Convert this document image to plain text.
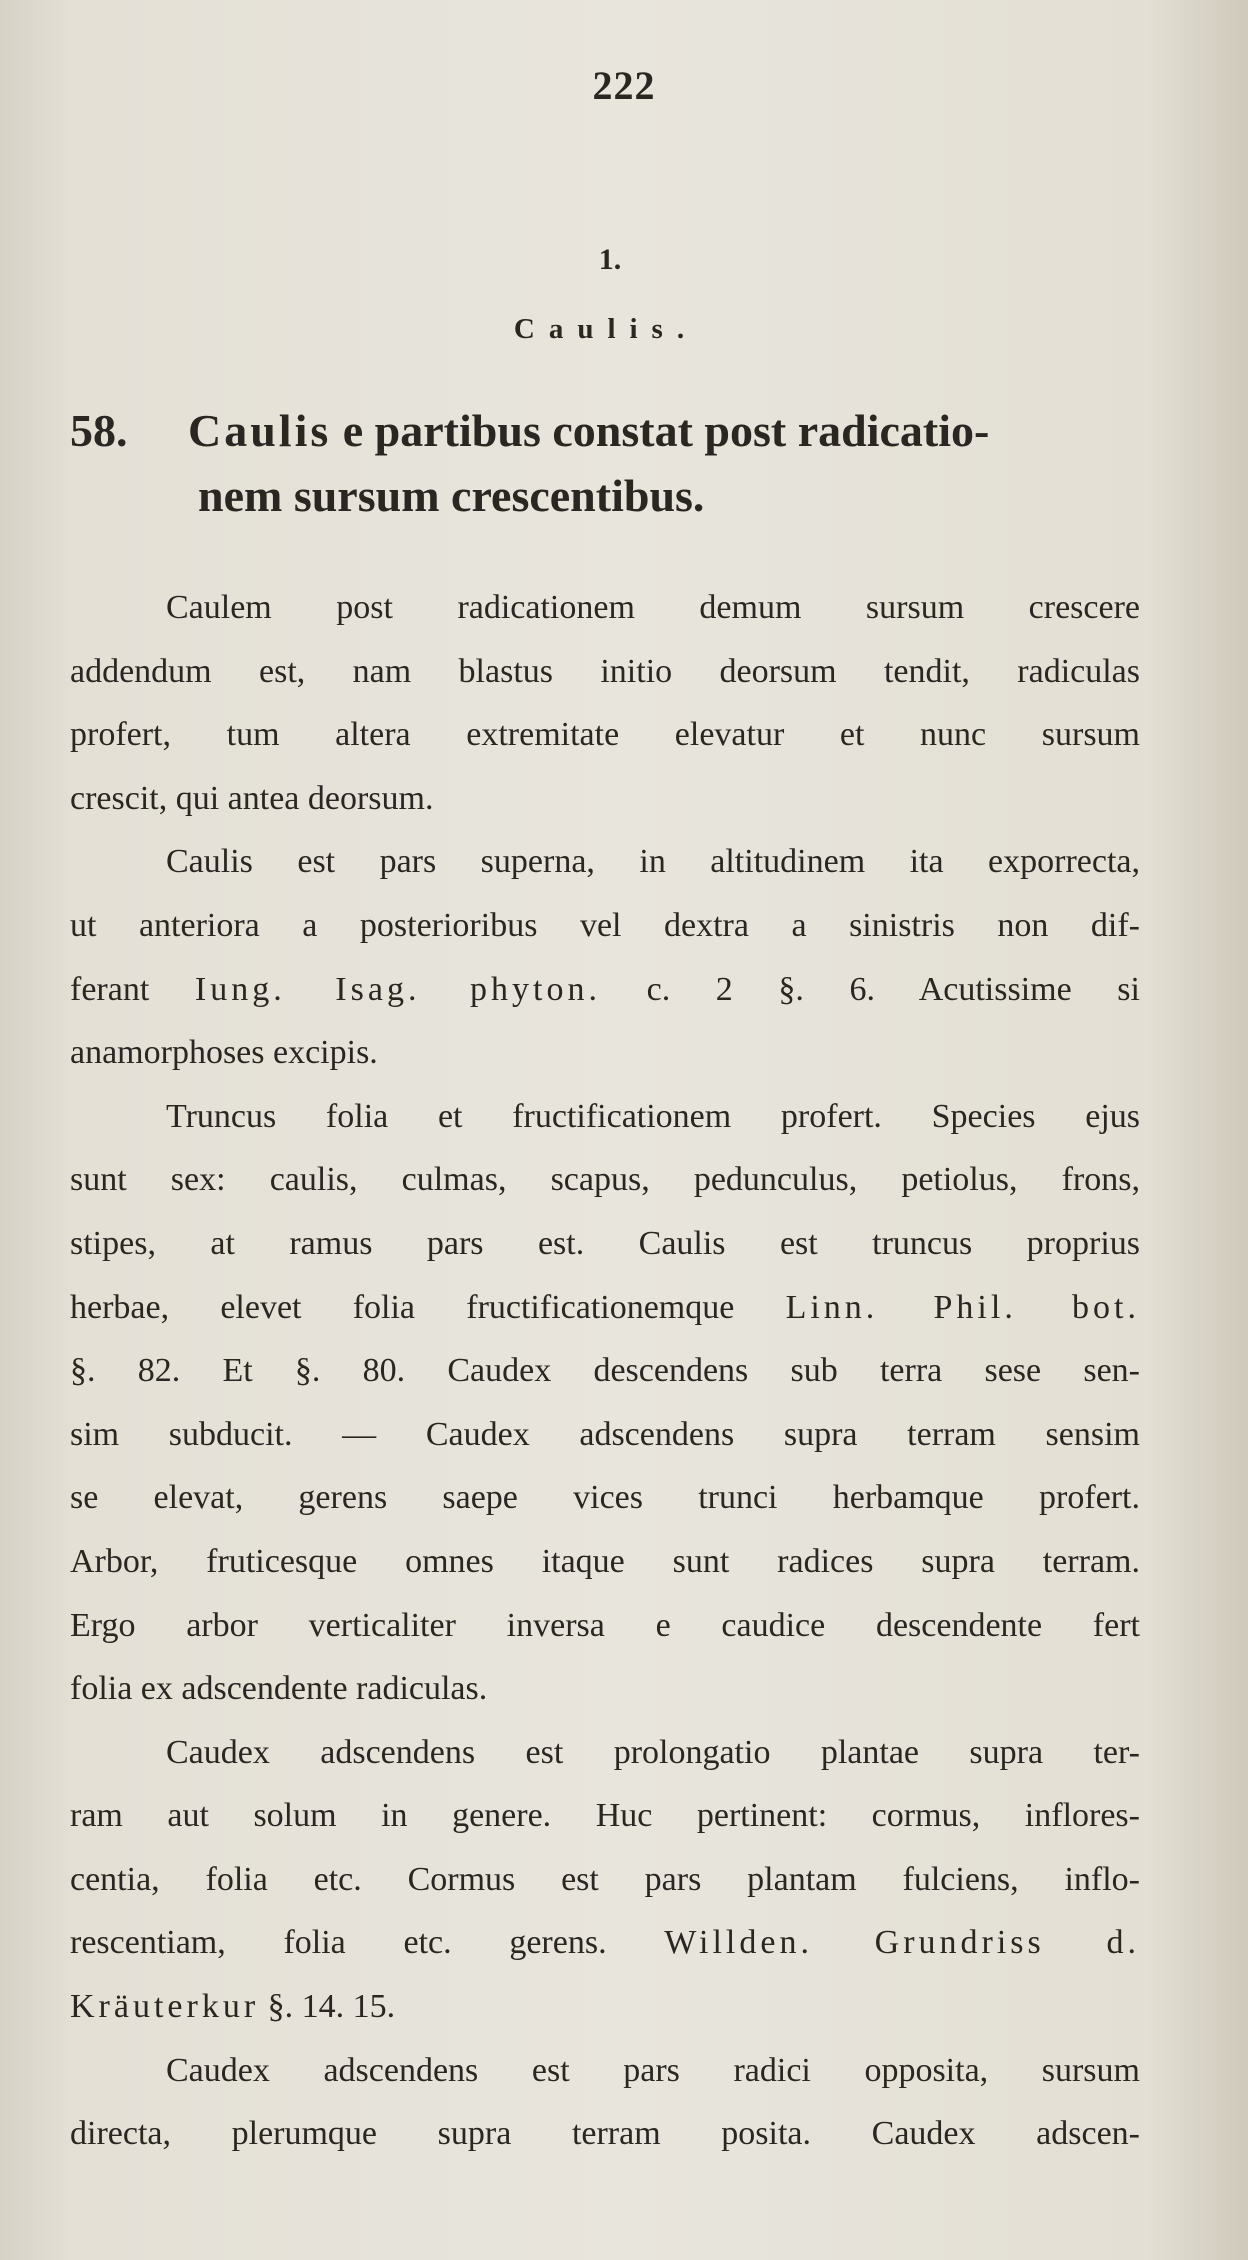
222
1.
Caulis.
58. Caulis e partibus constat post radicatio-
nem sursum crescentibus.

Caulem post radicationem demum sursum crescere
addendum est, nam blastus initio deorsum tendit, radiculas
profert, tum altera extremitate elevatur et nunc sursum
crescit, qui antea deorsum.

Caulis est pars superna, in altitudinem ita exporrecta,
ut anteriora a posterioribus vel dextra a sinistris non dif-
ferant Iung. Isag. phyton. c. 2 §. 6. Acutissime si
anamorphoses excipis.

Truncus folia et fructificationem profert. Species ejus
sunt sex: caulis, culmas, scapus, pedunculus, petiolus, frons,
stipes, at ramus pars est. Caulis est truncus proprius
herbae, elevet folia fructificationemque Linn. Phil. bot.
§. 82. Et §. 80. Caudex descendens sub terra sese sen-
sim subducit. — Caudex adscendens supra terram sensim
se elevat, gerens saepe vices trunci herbamque profert.
Arbor, fruticesque omnes itaque sunt radices supra terram.
Ergo arbor verticaliter inversa e caudice descendente fert
folia ex adscendente radiculas.

Caudex adscendens est prolongatio plantae supra ter-
ram aut solum in genere. Huc pertinent: cormus, inflores-
centia, folia etc. Cormus est pars plantam fulciens, inflo-
rescentiam, folia etc. gerens. Willden. Grundriss d.
Kräuterkur §. 14. 15.

Caudex adscendens est pars radici opposita, sursum
directa, plerumque supra terram posita. Caudex adscen-
